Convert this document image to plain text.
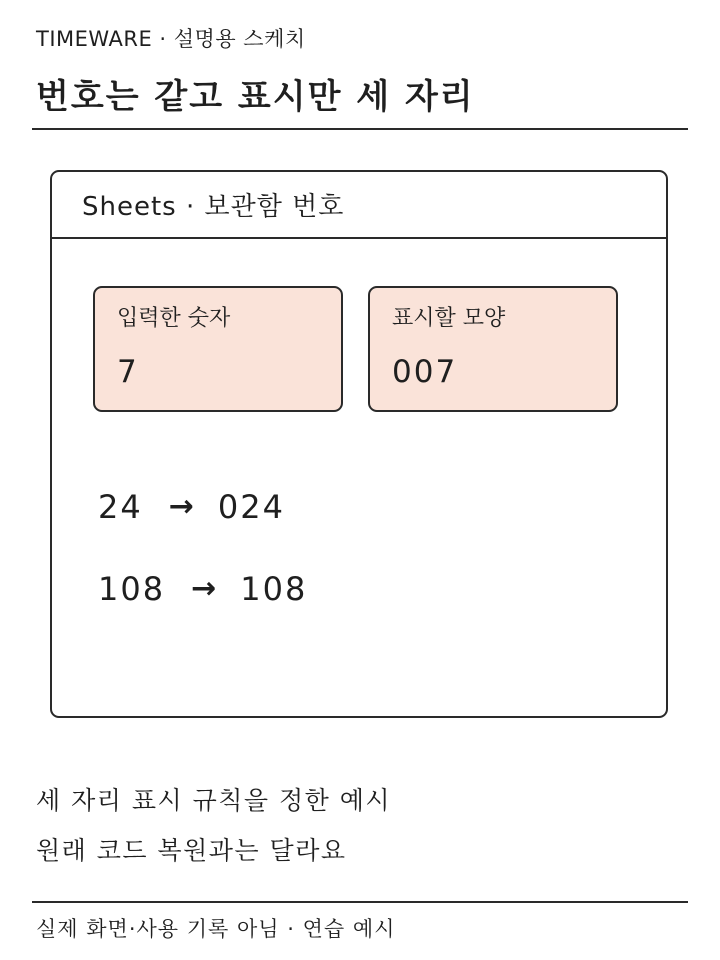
TIMEWARE · 설명용 스케치
번호는 같고 표시만 세 자리
Sheets · 보관함 번호
입력한 숫자
7
표시할 모양
007
24 → 024
108 → 108
세 자리 표시 규칙을 정한 예시
원래 코드 복원과는 달라요
실제 화면·사용 기록 아님 · 연습 예시
